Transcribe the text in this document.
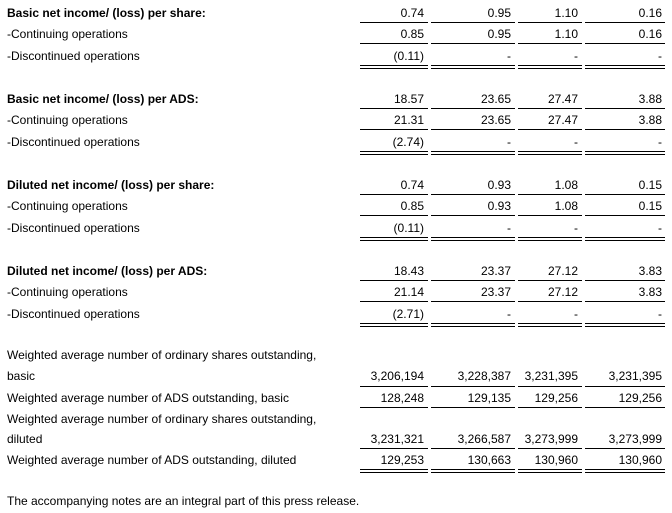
Basic net income/ (loss) per share:	0.74	0.95	1.10	0.16
-Continuing operations	0.85	0.95	1.10	0.16
-Discontinued operations	(0.11)	-	-	-
Basic net income/ (loss) per ADS:	18.57	23.65	27.47	3.88
-Continuing operations	21.31	23.65	27.47	3.88
-Discontinued operations	(2.74)	-	-	-
Diluted net income/ (loss) per share:	0.74	0.93	1.08	0.15
-Continuing operations	0.85	0.93	1.08	0.15
-Discontinued operations	(0.11)	-	-	-
Diluted net income/ (loss) per ADS:	18.43	23.37	27.12	3.83
-Continuing operations	21.14	23.37	27.12	3.83
-Discontinued operations	(2.71)	-	-	-
Weighted average number of ordinary shares outstanding,
basic	3,206,194	3,228,387	3,231,395	3,231,395
Weighted average number of ADS outstanding, basic	128,248	129,135	129,256	129,256
Weighted average number of ordinary shares outstanding,
diluted	3,231,321	3,266,587	3,273,999	3,273,999
Weighted average number of ADS outstanding, diluted	129,253	130,663	130,960	130,960
The accompanying notes are an integral part of this press release.
